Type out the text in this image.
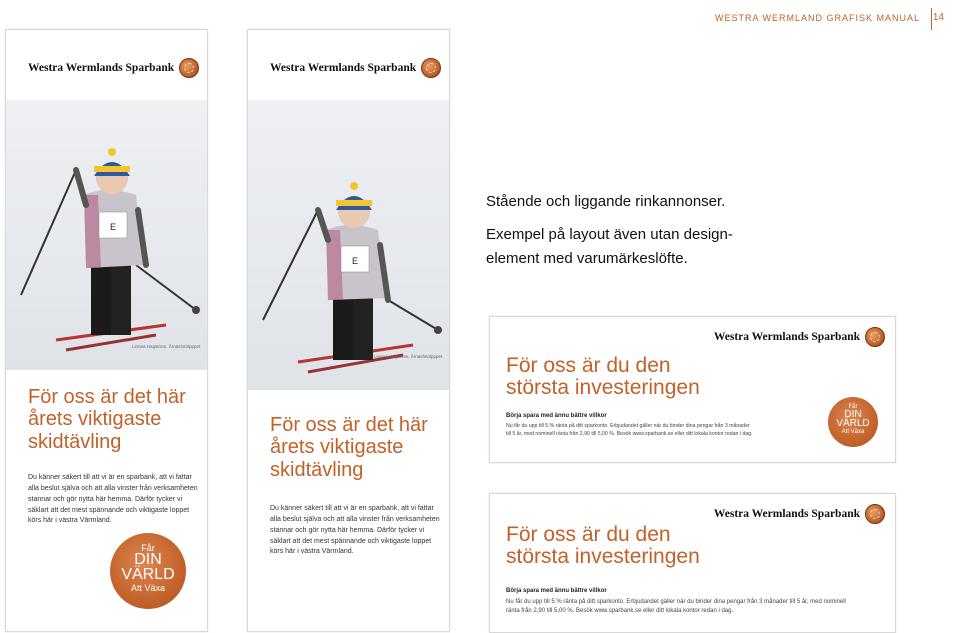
WESTRA WERMLAND GRAFISK MANUAL 14

Stående och liggande rinkannonser.

Exempel på layout även utan design-
element med varumärkeslöfte.
Westra Wermlands Sparbank
E
Linnea Hagström, Årnäsfotolpppet
För oss är det här
årets viktigaste
skidtävling
Du känner säkert till att vi är en sparbank, att vi fattar
alla beslut själva och att alla vinster från verksamheten
stannar och gör nytta här hemma. Därför tycker vi
säklart att det mest spännande och viktigaste loppet
körs här i västra Värmland.
Får
DIN
VÄRLD
Att Växa
Westra Wermlands Sparbank
E
Linnea Hagström, Årnäsfotolpppet
För oss är det här
årets viktigaste
skidtävling
Du känner säkert till att vi är en sparbank, att vi fattar
alla beslut själva och att alla vinster från verksamheten
stannar och gör nytta här hemma. Därför tycker vi
säklart att det mest spännande och viktigaste loppet
körs här i västra Värmland.
Westra Wermlands Sparbank
För oss är du den
största investeringen
Börja spara med ännu bättre villkor
Nu får du upp till 5 % ränta på ditt sparkonto. Erbjudandet gäller när du binder dina pengar från 3 månader
till 5 år, med nominell ränta från 2,90 till 5,00 %. Besök www.sparbank.se eller ditt lokala kontor redan i dag.
Får
DIN
VÄRLD
Att Växa
Westra Wermlands Sparbank
För oss är du den
största investeringen
Börja spara med ännu bättre villkor
Nu får du upp till 5 % ränta på ditt sparkonto. Erbjudandet gäller när du binder dina pengar från 3 månader till 5 år, med nominell
ränta från 2,90 till 5,00 %. Besök www.sparbank.se eller ditt lokala kontor redan i dag.
